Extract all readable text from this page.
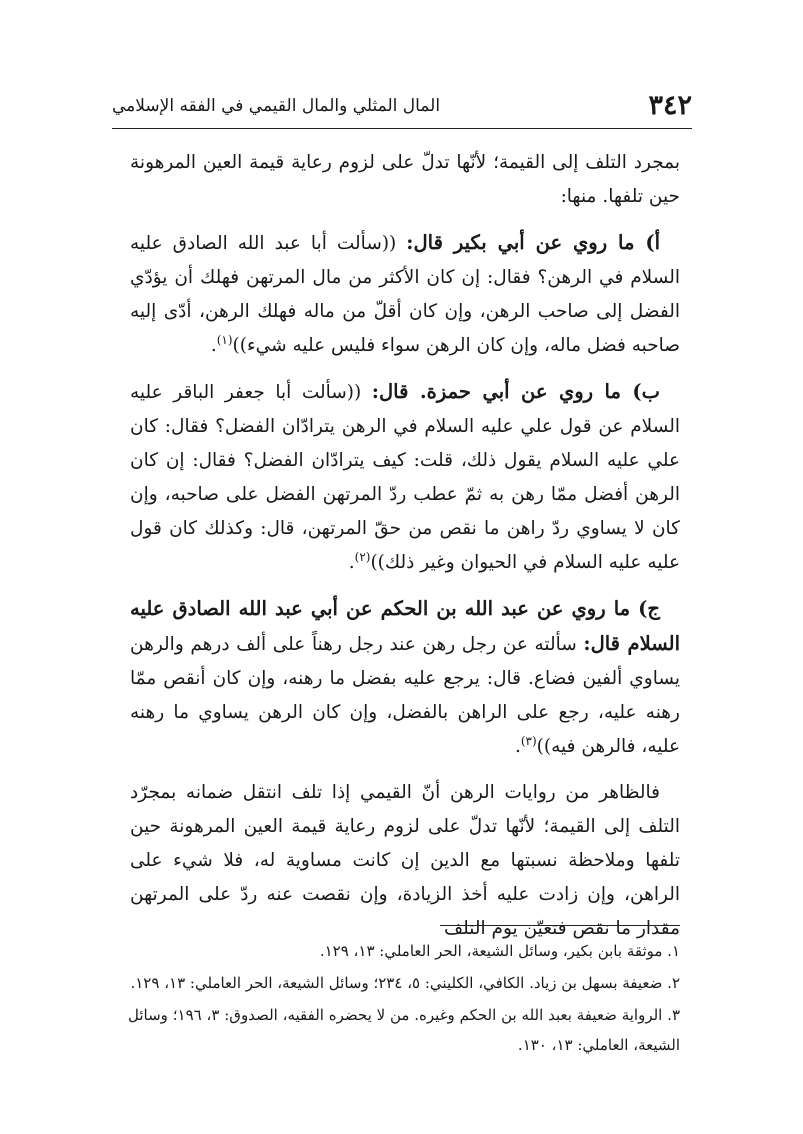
٣٤٢
المال المثلي والمال القيمي في الفقه الإسلامي

بمجرد التلف إلى القيمة؛ لأنّها تدلّ على لزوم رعاية قيمة العين المرهونة حين تلفها. منها:

أ) ما روي عن أبي بكير قال: ((سألت أبا عبد الله الصادق عليه السلام في الرهن؟ فقال: إن كان الأكثر من مال المرتهن فهلك أن يؤدّي الفضل إلى صاحب الرهن، وإن كان أقلّ من ماله فهلك الرهن، أدّى إليه صاحبه فضل ماله، وإن كان الرهن سواء فليس عليه شيء))$^{(١)}$.

ب) ما روي عن أبي حمزة. قال: ((سألت أبا جعفر الباقر عليه السلام عن قول علي عليه السلام في الرهن يترادّان الفضل؟ فقال: كان علي عليه السلام يقول ذلك، قلت: كيف يترادّان الفضل؟ فقال: إن كان الرهن أفضل ممّا رهن به ثمّ عطب ردّ المرتهن الفضل على صاحبه، وإن كان لا يساوي ردّ راهن ما نقص من حقّ المرتهن، قال: وكذلك كان قول عليه عليه السلام في الحيوان وغير ذلك))$^{(٢)}$.

ج) ما روي عن عبد الله بن الحكم عن أبي عبد الله الصادق عليه السلام قال: سألته عن رجل رهن عند رجل رهناً على ألف درهم والرهن يساوي ألفين فضاع. قال: يرجع عليه بفضل ما رهنه، وإن كان أنقص ممّا رهنه عليه، رجع على الراهن بالفضل، وإن كان الرهن يساوي ما رهنه عليه، فالرهن فيه))$^{(٣)}$.

فالظاهر من روايات الرهن أنّ القيمي إذا تلف انتقل ضمانه بمجرّد التلف إلى القيمة؛ لأنّها تدلّ على لزوم رعاية قيمة العين المرهونة حين تلفها وملاحظة نسبتها مع الدين إن كانت مساوية له، فلا شيء على الراهن، وإن زادت عليه أخذ الزيادة، وإن نقصت عنه ردّ على المرتهن مقدار ما نقص فتعيّن يوم التلف

١. موثقة بابن بكير، وسائل الشيعة، الحر العاملي: ١٣، ١٢٩.

٢. ضعيفة بسهل بن زياد. الكافي، الكليني: ٥، ٢٣٤؛ وسائل الشيعة، الحر العاملي: ١٣، ١٢٩.

٣. الرواية ضعيفة بعبد الله بن الحكم وغيره. من لا يحضره الفقيه، الصدوق: ٣، ١٩٦؛ وسائل الشيعة، العاملي: ١٣، ١٣٠.
